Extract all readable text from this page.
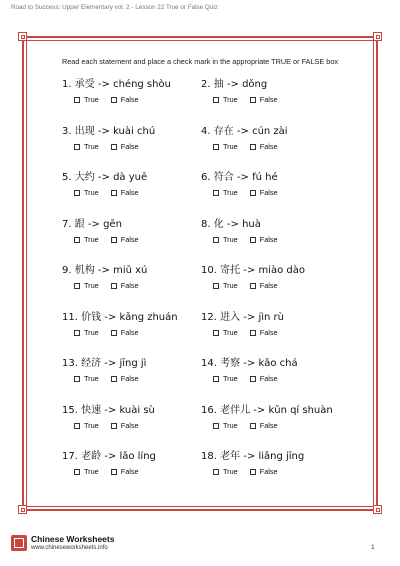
Road to Success: Upper Elementary vol. 2 - Lesson 22 True or False Quiz
Read each statement and place a check mark in the appropriate TRUE or FALSE box
1. 承受 -> chéng shòu
True	False
2. 抽 -> dǒng
True	False
3. 出现 -> kuài chú
True	False
4. 存在 -> cún zài
True	False
5. 大约 -> dà yuē
True	False
6. 符合 -> fú hé
True	False
7. 跟 -> gēn
True	False
8. 化 -> huà
True	False
9. 机构 -> miǔ xú
True	False
10. 寄托 -> miào dào
True	False
11. 价钱 -> kǎng zhuán
True	False
12. 进入 -> jìn rù
True	False
13. 经济 -> jīng jì
True	False
14. 考察 -> kǎo chá
True	False
15. 快速 -> kuài sù
True	False
16. 老伴儿 -> kǔn qí shuàn
True	False
17. 老龄 -> lǎo líng
True	False
18. 老年 -> liǎng jīng
True	False
Chinese Worksheets
www.chineseworksheets.info	1
